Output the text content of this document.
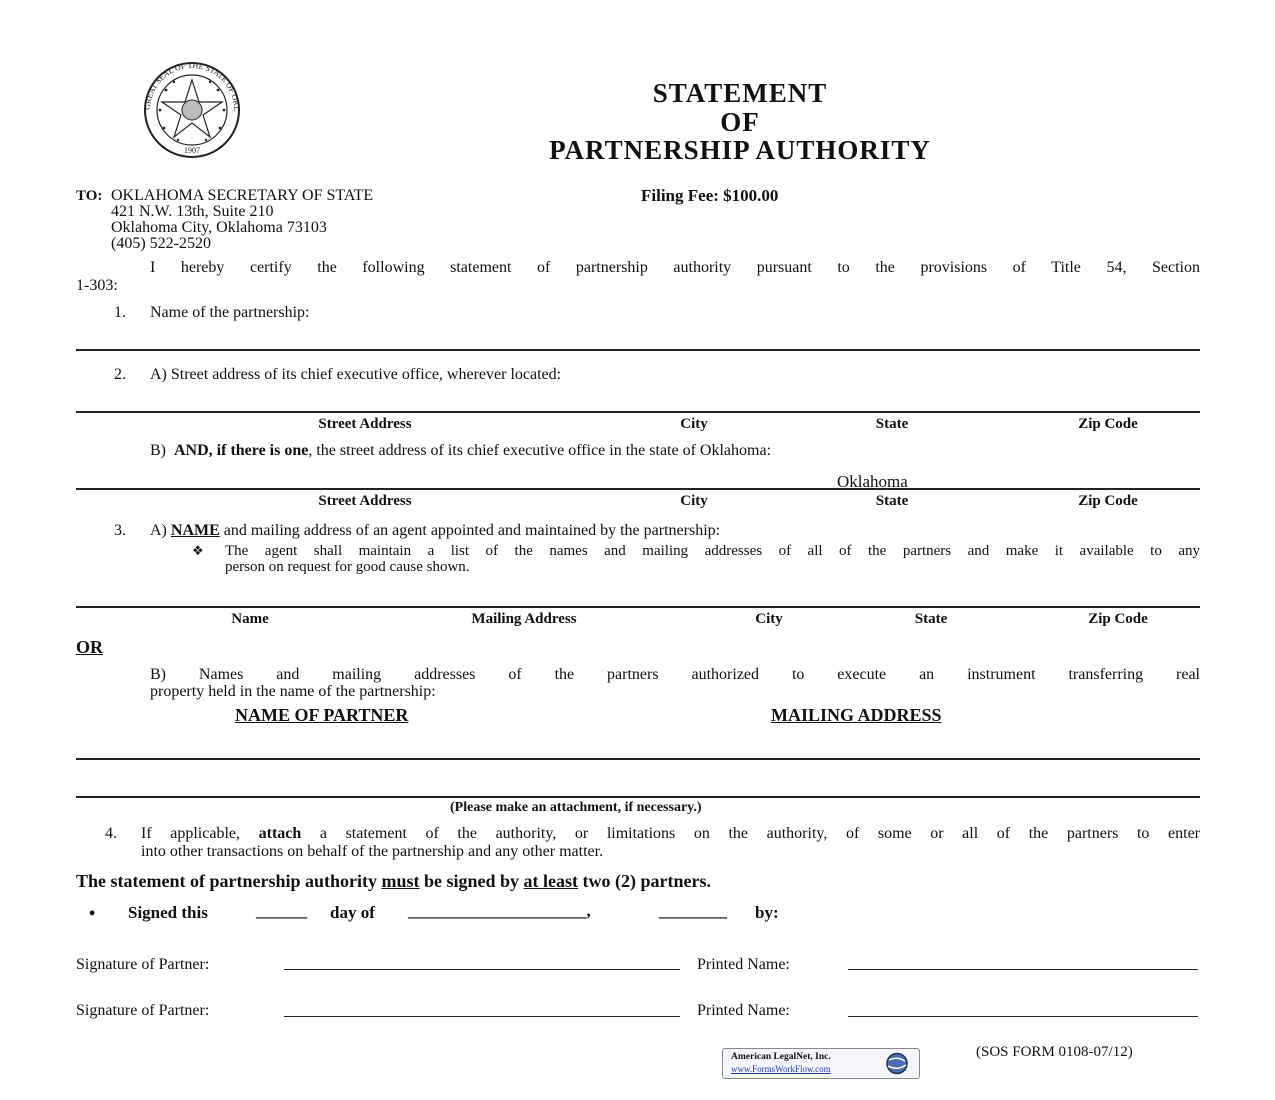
GREAT SEAL OF THE STATE OF OKL
1907
STATEMENT
OF
PARTNERSHIP AUTHORITY
TO: OKLAHOMA SECRETARY OF STATE
421 N.W. 13th, Suite 210
Oklahoma City, Oklahoma 73103
(405) 522-2520
Filing Fee: $100.00
I hereby certify the following statement of partnership authority pursuant to the provisions of Title 54, Section
1-303:
1. Name of the partnership:
2. A) Street address of its chief executive office, wherever located:
Street Address	City	State	Zip Code
B) AND, if there is one, the street address of its chief executive office in the state of Oklahoma:
Oklahoma
Street Address	City	State	Zip Code
3. A) NAME and mailing address of an agent appointed and maintained by the partnership:
❖ The agent shall maintain a list of the names and mailing addresses of all of the partners and make it available to any
person on request for good cause shown.
Name	Mailing Address	City	State	Zip Code
OR
B) Names and mailing addresses of the partners authorized to execute an instrument transferring real
property held in the name of the partnership:
NAME OF PARTNER	MAILING ADDRESS
(Please make an attachment, if necessary.)
4. If applicable, attach a statement of the authority, or limitations on the authority, of some or all of the partners to enter
into other transactions on behalf of the partnership and any other matter.
The statement of partnership authority must be signed by at least two (2) partners.
• Signed this	______ day of _____________________,	________ by:
Signature of Partner:	Printed Name:
Signature of Partner:	Printed Name:
American LegalNet, Inc.
www.FormsWorkFlow.com
(SOS FORM 0108-07/12)
